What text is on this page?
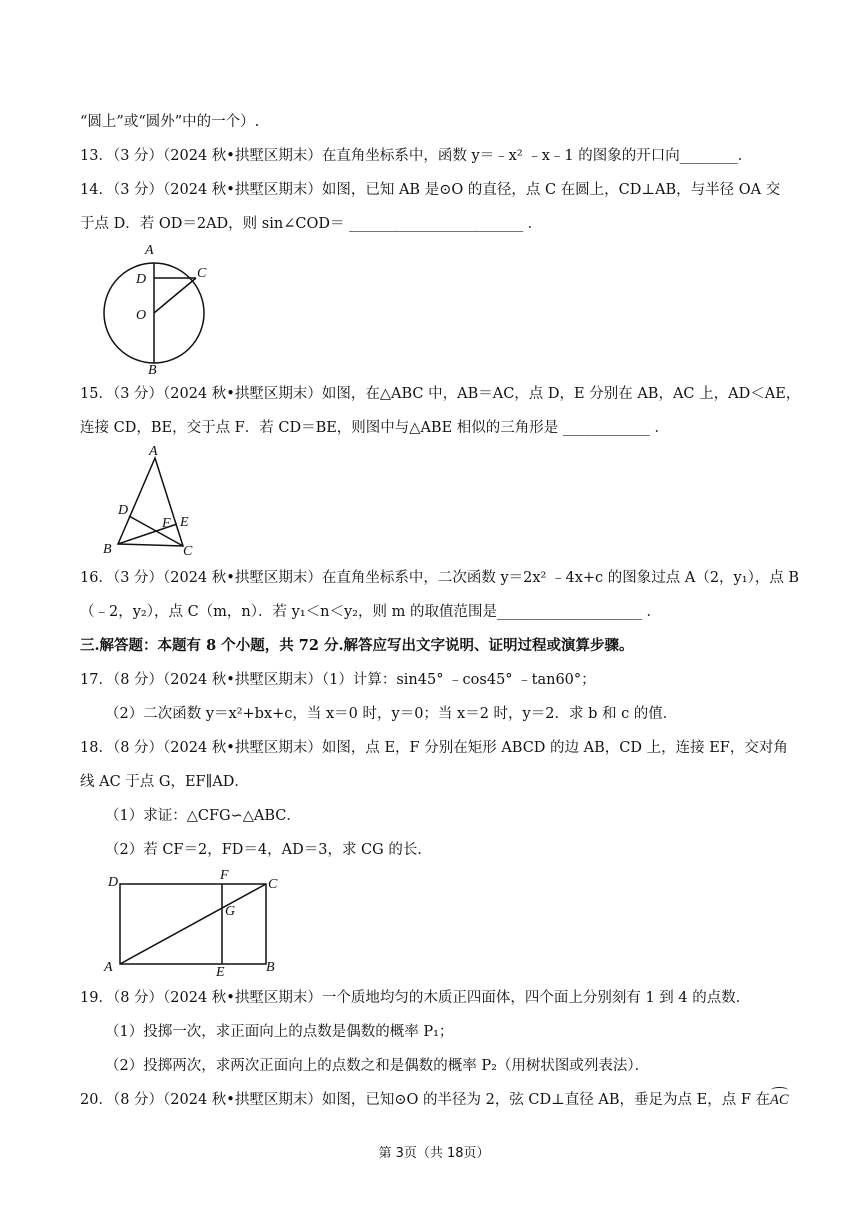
“圆上”或“圆外”中的一个）.
13．（3 分）（2024 秋•拱墅区期末）在直角坐标系中，函数 y＝﹣x² ﹣x﹣1 的图象的开口向________．
14．（3 分）（2024 秋•拱墅区期末）如图，已知 AB 是⊙O 的直径，点 C 在圆上，CD⊥AB，与半径 OA 交
于点 D．若 OD＝2AD，则 sin∠COD＝ ________________________ ．
A
D	C
O
B
15．（3 分）（2024 秋•拱墅区期末）如图，在△ABC 中，AB＝AC，点 D，E 分别在 AB，AC 上，AD＜AE，
连接 CD，BE，交于点 F．若 CD＝BE，则图中与△ABE 相似的三角形是 ____________ ．
A
D
F E
B	C
16．（3 分）（2024 秋•拱墅区期末）在直角坐标系中，二次函数 y＝2x² ﹣4x+c 的图象过点 A（2，y₁），点 B
（﹣2，y₂），点 C（m，n）．若 y₁＜n＜y₂，则 m 的取值范围是____________________ ．
三.解答题：本题有 8 个小题，共 72 分.解答应写出文字说明、证明过程或演算步骤。
17．（8 分）（2024 秋•拱墅区期末）（1）计算：sin45° ﹣cos45° ﹣tan60°；
（2）二次函数 y＝x²+bx+c，当 x＝0 时，y＝0；当 x＝2 时，y＝2．求 b 和 c 的值．
18．（8 分）（2024 秋•拱墅区期末）如图，点 E，F 分别在矩形 ABCD 的边 AB，CD 上，连接 EF，交对角
线 AC 于点 G，EF∥AD．
（1）求证：△CFG∽△ABC．
（2）若 CF＝2，FD＝4，AD＝3，求 CG 的长．
D	F
C
G
A	E	B
19．（8 分）（2024 秋•拱墅区期末）一个质地均匀的木质正四面体，四个面上分别刻有 1 到 4 的点数．
（1）投掷一次，求正面向上的点数是偶数的概率 P₁；
（2）投掷两次，求两次正面向上的点数之和是偶数的概率 P₂（用树状图或列表法）．
20．（8 分）（2024 秋•拱墅区期末）如图，已知⊙O 的半径为 2，弦 CD⊥直径 AB，垂足为点 E，点 F 在
AC
第 3页（共 18页）
